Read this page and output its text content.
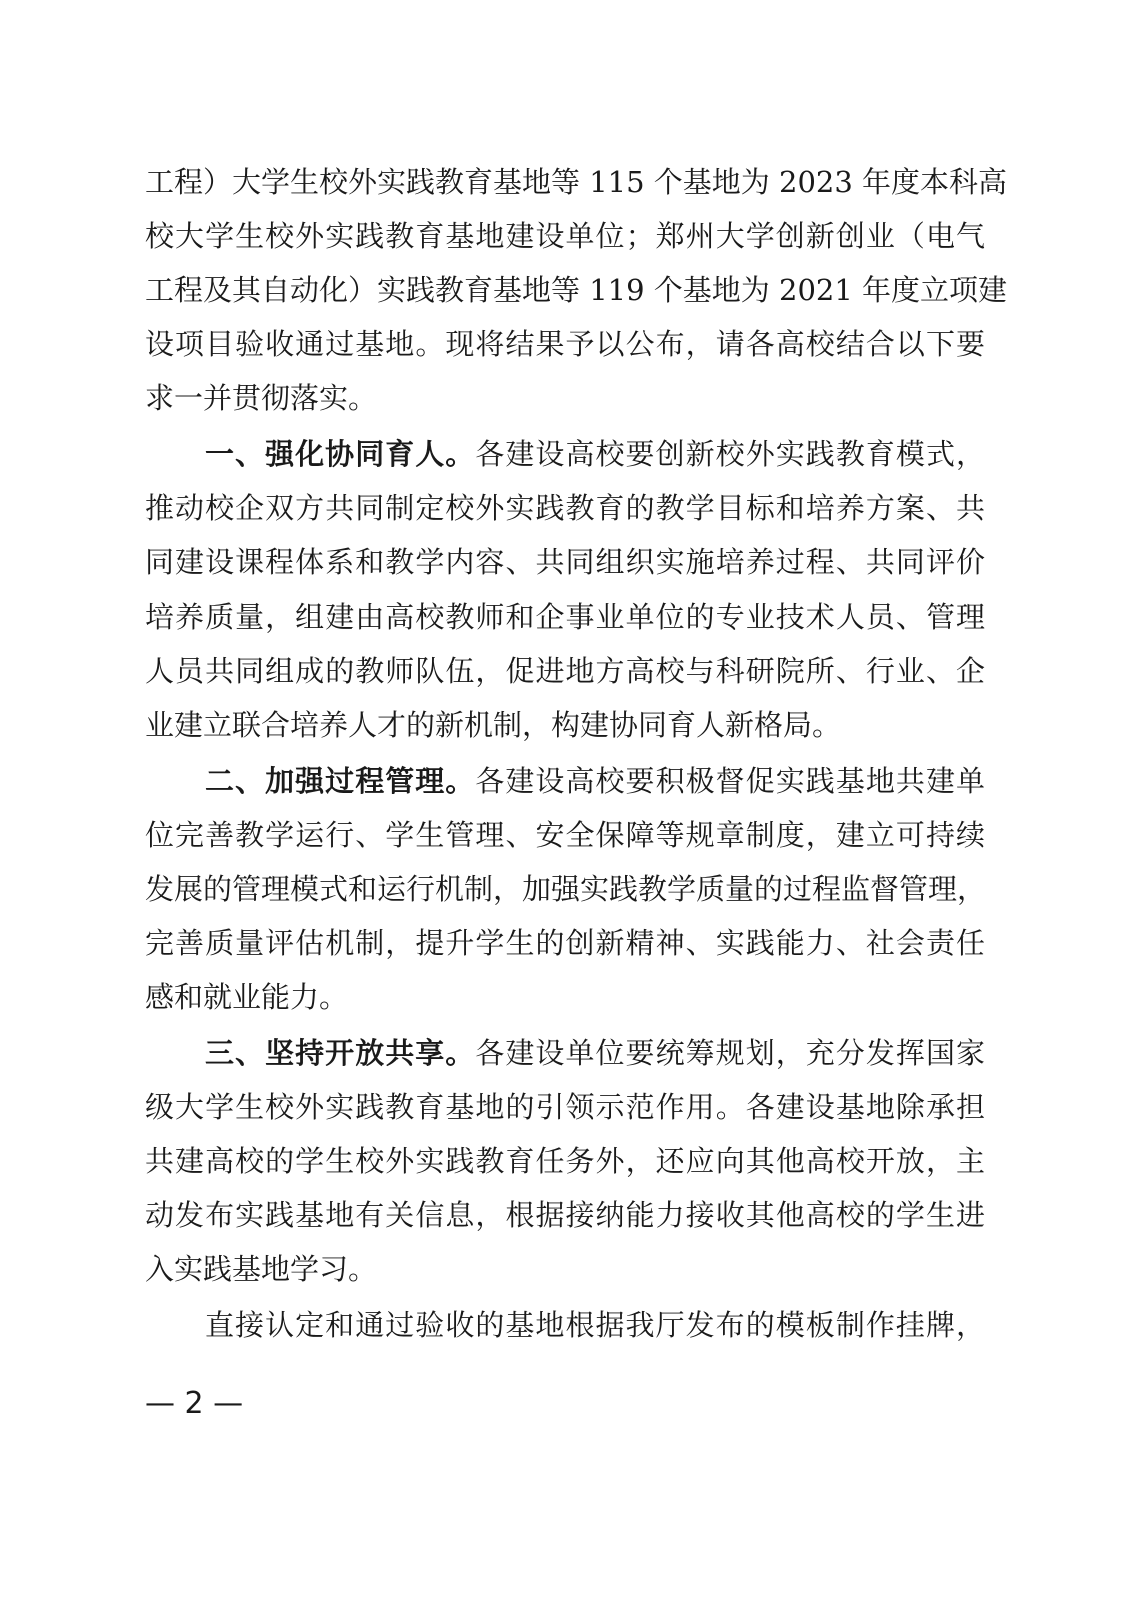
工程）大学生校外实践教育基地等 115 个基地为 2023 年度本科高
校大学生校外实践教育基地建设单位；郑州大学创新创业（电气
工程及其自动化）实践教育基地等 119 个基地为 2021 年度立项建
设项目验收通过基地。现将结果予以公布，请各高校结合以下要
求一并贯彻落实。
一、强化协同育人。各建设高校要创新校外实践教育模式，
推动校企双方共同制定校外实践教育的教学目标和培养方案、共
同建设课程体系和教学内容、共同组织实施培养过程、共同评价
培养质量，组建由高校教师和企事业单位的专业技术人员、管理
人员共同组成的教师队伍，促进地方高校与科研院所、行业、企
业建立联合培养人才的新机制，构建协同育人新格局。
二、加强过程管理。各建设高校要积极督促实践基地共建单
位完善教学运行、学生管理、安全保障等规章制度，建立可持续
发展的管理模式和运行机制，加强实践教学质量的过程监督管理，
完善质量评估机制，提升学生的创新精神、实践能力、社会责任
感和就业能力。
三、坚持开放共享。各建设单位要统筹规划，充分发挥国家
级大学生校外实践教育基地的引领示范作用。各建设基地除承担
共建高校的学生校外实践教育任务外，还应向其他高校开放，主
动发布实践基地有关信息，根据接纳能力接收其他高校的学生进
入实践基地学习。
直接认定和通过验收的基地根据我厅发布的模板制作挂牌，
— 2 —
